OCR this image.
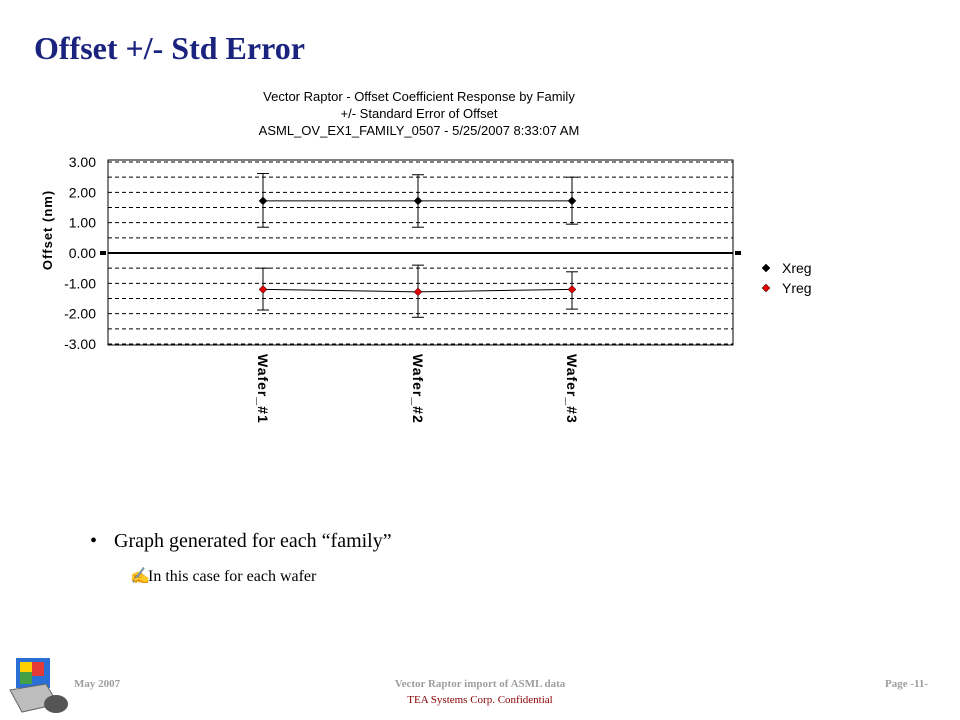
Offset +/- Std Error
Vector Raptor - Offset Coefficient Response by Family
+/- Standard Error of Offset
ASML_OV_EX1_FAMILY_0507 - 5/25/2007 8:33:07 AM
3.00
2.00
1.00
0.00
-1.00
-2.00
-3.00
Offset (nm)
Wafer_#1	Wafer_#2	Wafer_#3
Xreg
Yreg
• Graph generated for each “family”
✍In this case for each wafer
May 2007	Vector Raptor import of ASML data
TEA Systems Corp. Confidential
Page -11-
